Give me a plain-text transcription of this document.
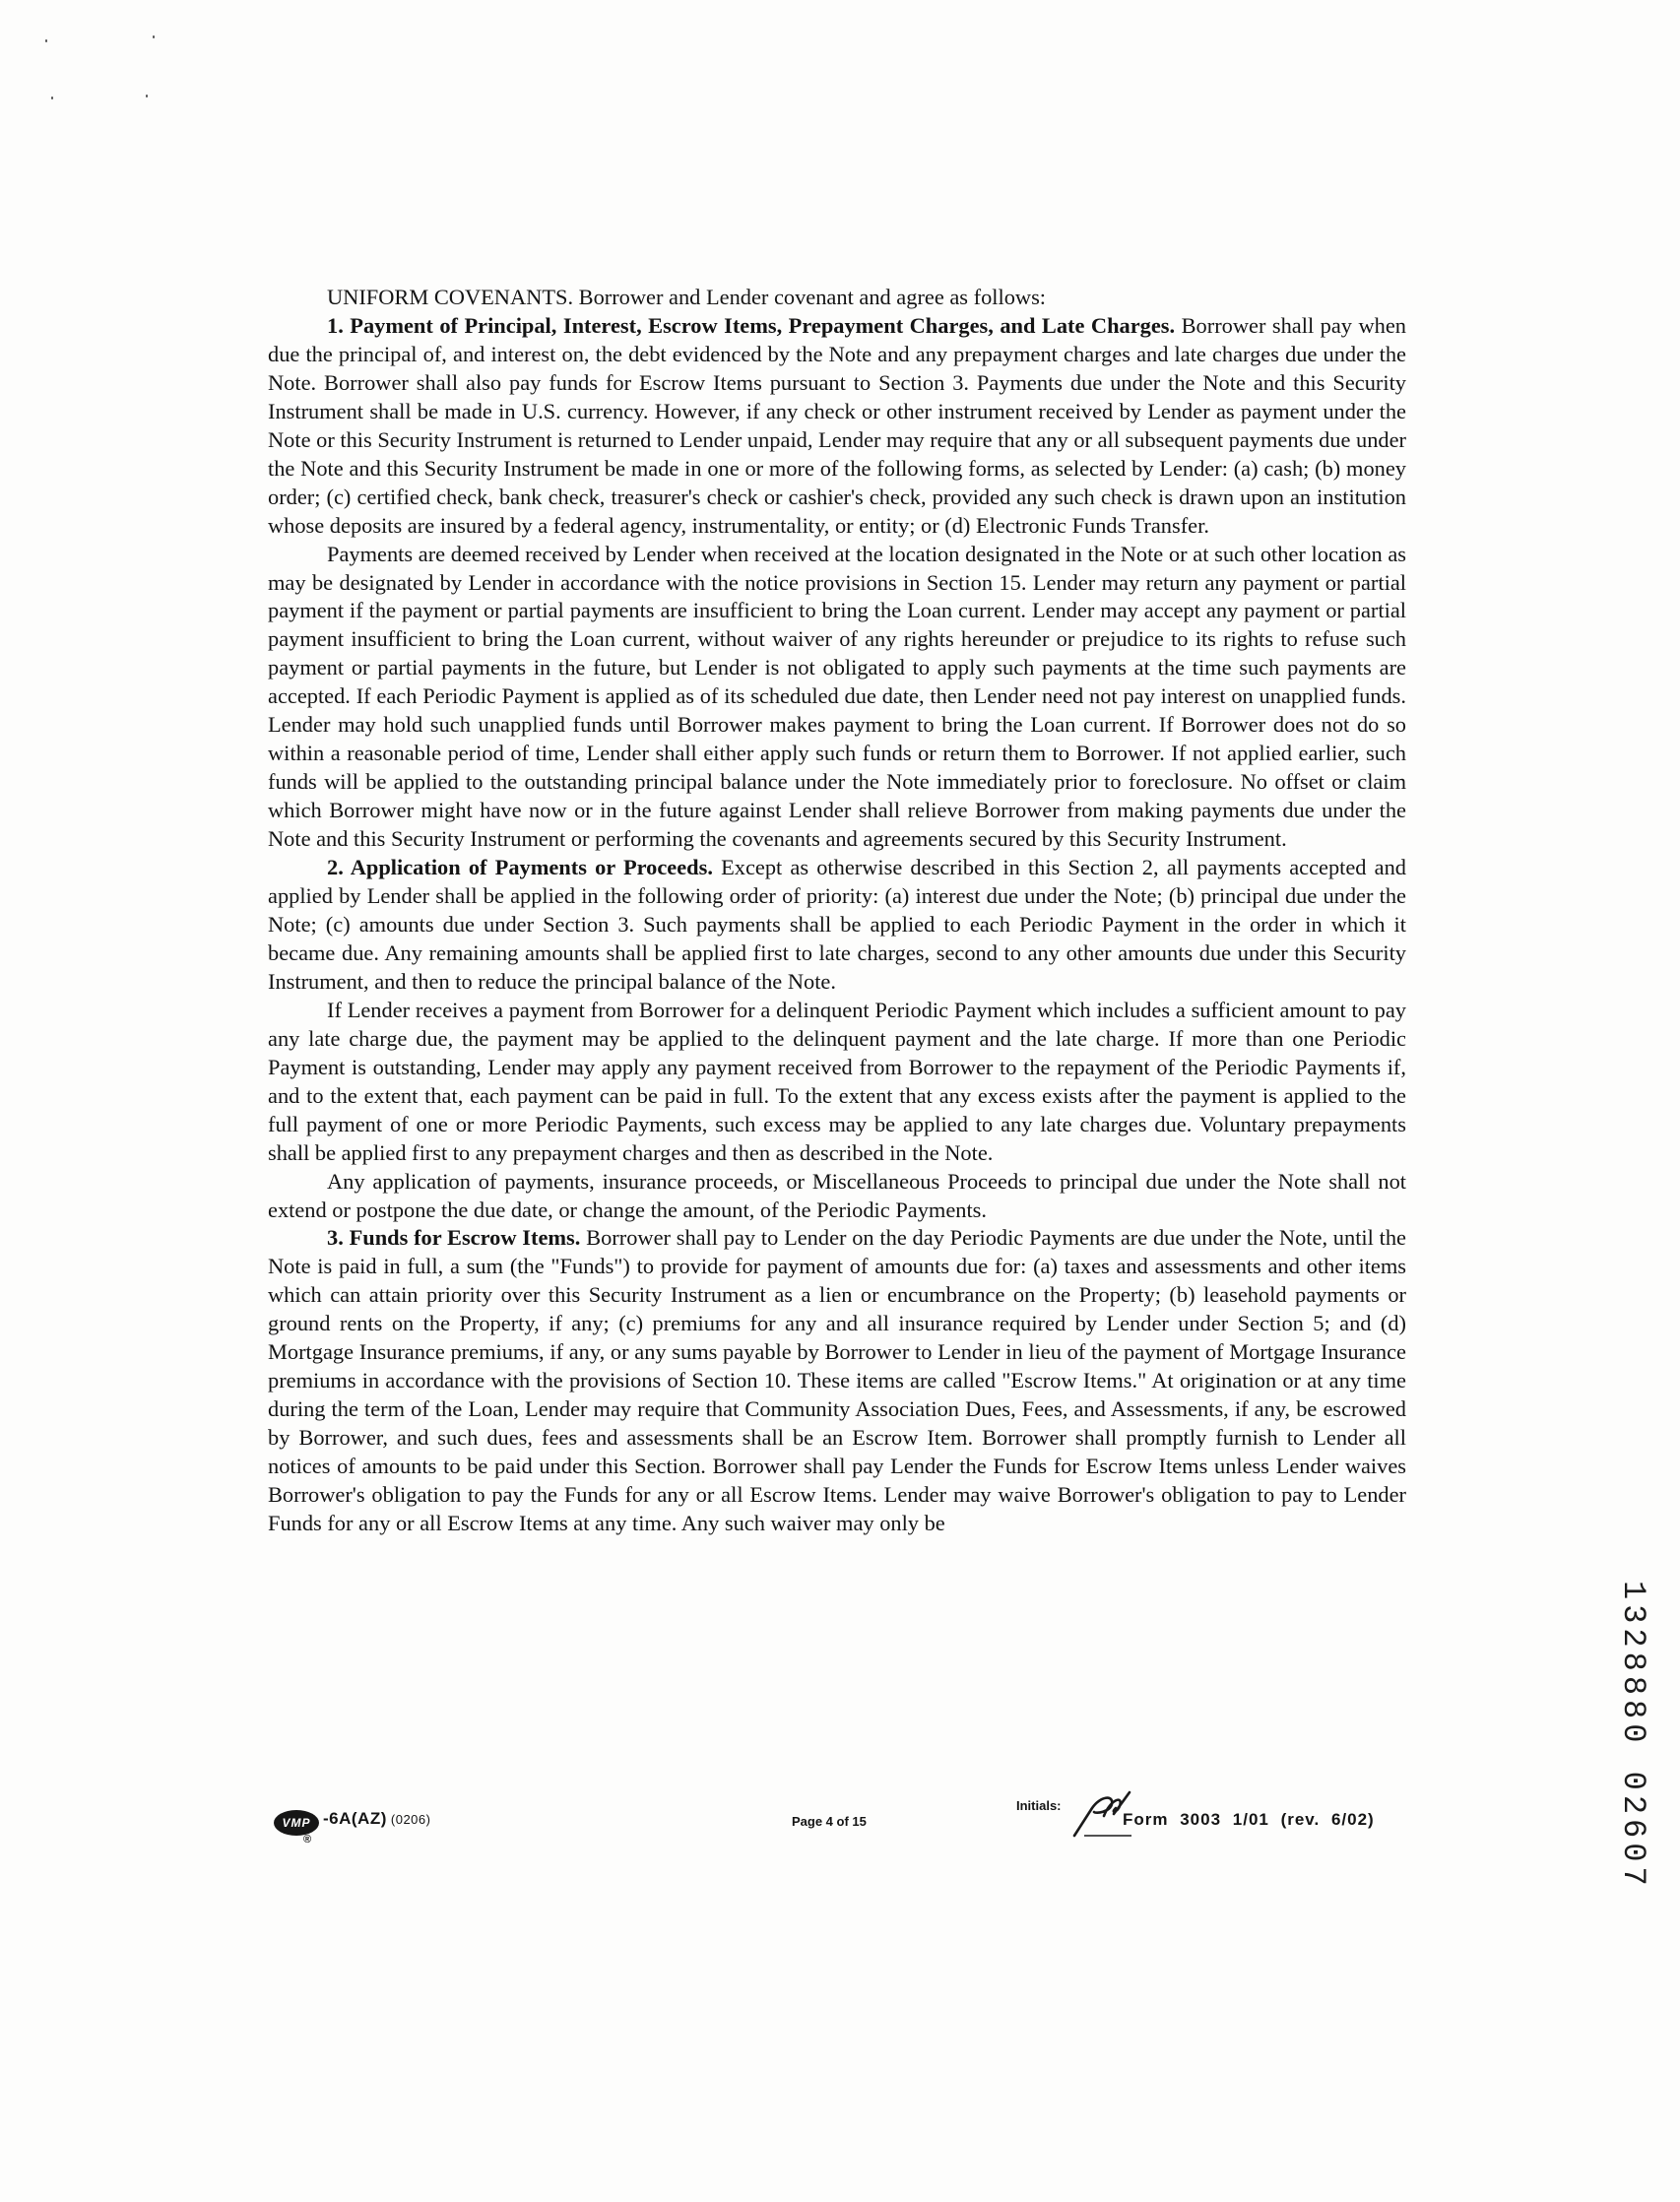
UNIFORM COVENANTS. Borrower and Lender covenant and agree as follows:

1. Payment of Principal, Interest, Escrow Items, Prepayment Charges, and Late Charges. Borrower shall pay when due the principal of, and interest on, the debt evidenced by the Note and any prepayment charges and late charges due under the Note. Borrower shall also pay funds for Escrow Items pursuant to Section 3. Payments due under the Note and this Security Instrument shall be made in U.S. currency. However, if any check or other instrument received by Lender as payment under the Note or this Security Instrument is returned to Lender unpaid, Lender may require that any or all subsequent payments due under the Note and this Security Instrument be made in one or more of the following forms, as selected by Lender: (a) cash; (b) money order; (c) certified check, bank check, treasurer's check or cashier's check, provided any such check is drawn upon an institution whose deposits are insured by a federal agency, instrumentality, or entity; or (d) Electronic Funds Transfer.

Payments are deemed received by Lender when received at the location designated in the Note or at such other location as may be designated by Lender in accordance with the notice provisions in Section 15. Lender may return any payment or partial payment if the payment or partial payments are insufficient to bring the Loan current. Lender may accept any payment or partial payment insufficient to bring the Loan current, without waiver of any rights hereunder or prejudice to its rights to refuse such payment or partial payments in the future, but Lender is not obligated to apply such payments at the time such payments are accepted. If each Periodic Payment is applied as of its scheduled due date, then Lender need not pay interest on unapplied funds. Lender may hold such unapplied funds until Borrower makes payment to bring the Loan current. If Borrower does not do so within a reasonable period of time, Lender shall either apply such funds or return them to Borrower. If not applied earlier, such funds will be applied to the outstanding principal balance under the Note immediately prior to foreclosure. No offset or claim which Borrower might have now or in the future against Lender shall relieve Borrower from making payments due under the Note and this Security Instrument or performing the covenants and agreements secured by this Security Instrument.

2. Application of Payments or Proceeds. Except as otherwise described in this Section 2, all payments accepted and applied by Lender shall be applied in the following order of priority: (a) interest due under the Note; (b) principal due under the Note; (c) amounts due under Section 3. Such payments shall be applied to each Periodic Payment in the order in which it became due. Any remaining amounts shall be applied first to late charges, second to any other amounts due under this Security Instrument, and then to reduce the principal balance of the Note.

If Lender receives a payment from Borrower for a delinquent Periodic Payment which includes a sufficient amount to pay any late charge due, the payment may be applied to the delinquent payment and the late charge. If more than one Periodic Payment is outstanding, Lender may apply any payment received from Borrower to the repayment of the Periodic Payments if, and to the extent that, each payment can be paid in full. To the extent that any excess exists after the payment is applied to the full payment of one or more Periodic Payments, such excess may be applied to any late charges due. Voluntary prepayments shall be applied first to any prepayment charges and then as described in the Note.

Any application of payments, insurance proceeds, or Miscellaneous Proceeds to principal due under the Note shall not extend or postpone the due date, or change the amount, of the Periodic Payments.

3. Funds for Escrow Items. Borrower shall pay to Lender on the day Periodic Payments are due under the Note, until the Note is paid in full, a sum (the "Funds") to provide for payment of amounts due for: (a) taxes and assessments and other items which can attain priority over this Security Instrument as a lien or encumbrance on the Property; (b) leasehold payments or ground rents on the Property, if any; (c) premiums for any and all insurance required by Lender under Section 5; and (d) Mortgage Insurance premiums, if any, or any sums payable by Borrower to Lender in lieu of the payment of Mortgage Insurance premiums in accordance with the provisions of Section 10. These items are called "Escrow Items." At origination or at any time during the term of the Loan, Lender may require that Community Association Dues, Fees, and Assessments, if any, be escrowed by Borrower, and such dues, fees and assessments shall be an Escrow Item. Borrower shall promptly furnish to Lender all notices of amounts to be paid under this Section. Borrower shall pay Lender the Funds for Escrow Items unless Lender waives Borrower's obligation to pay the Funds for any or all Escrow Items. Lender may waive Borrower's obligation to pay to Lender Funds for any or all Escrow Items at any time. Any such waiver may only be

1328880 02607
VMP -6A(AZ) (0206)
®
Page 4 of 15
Initials:
Form 3003 1/01 (rev. 6/02)
